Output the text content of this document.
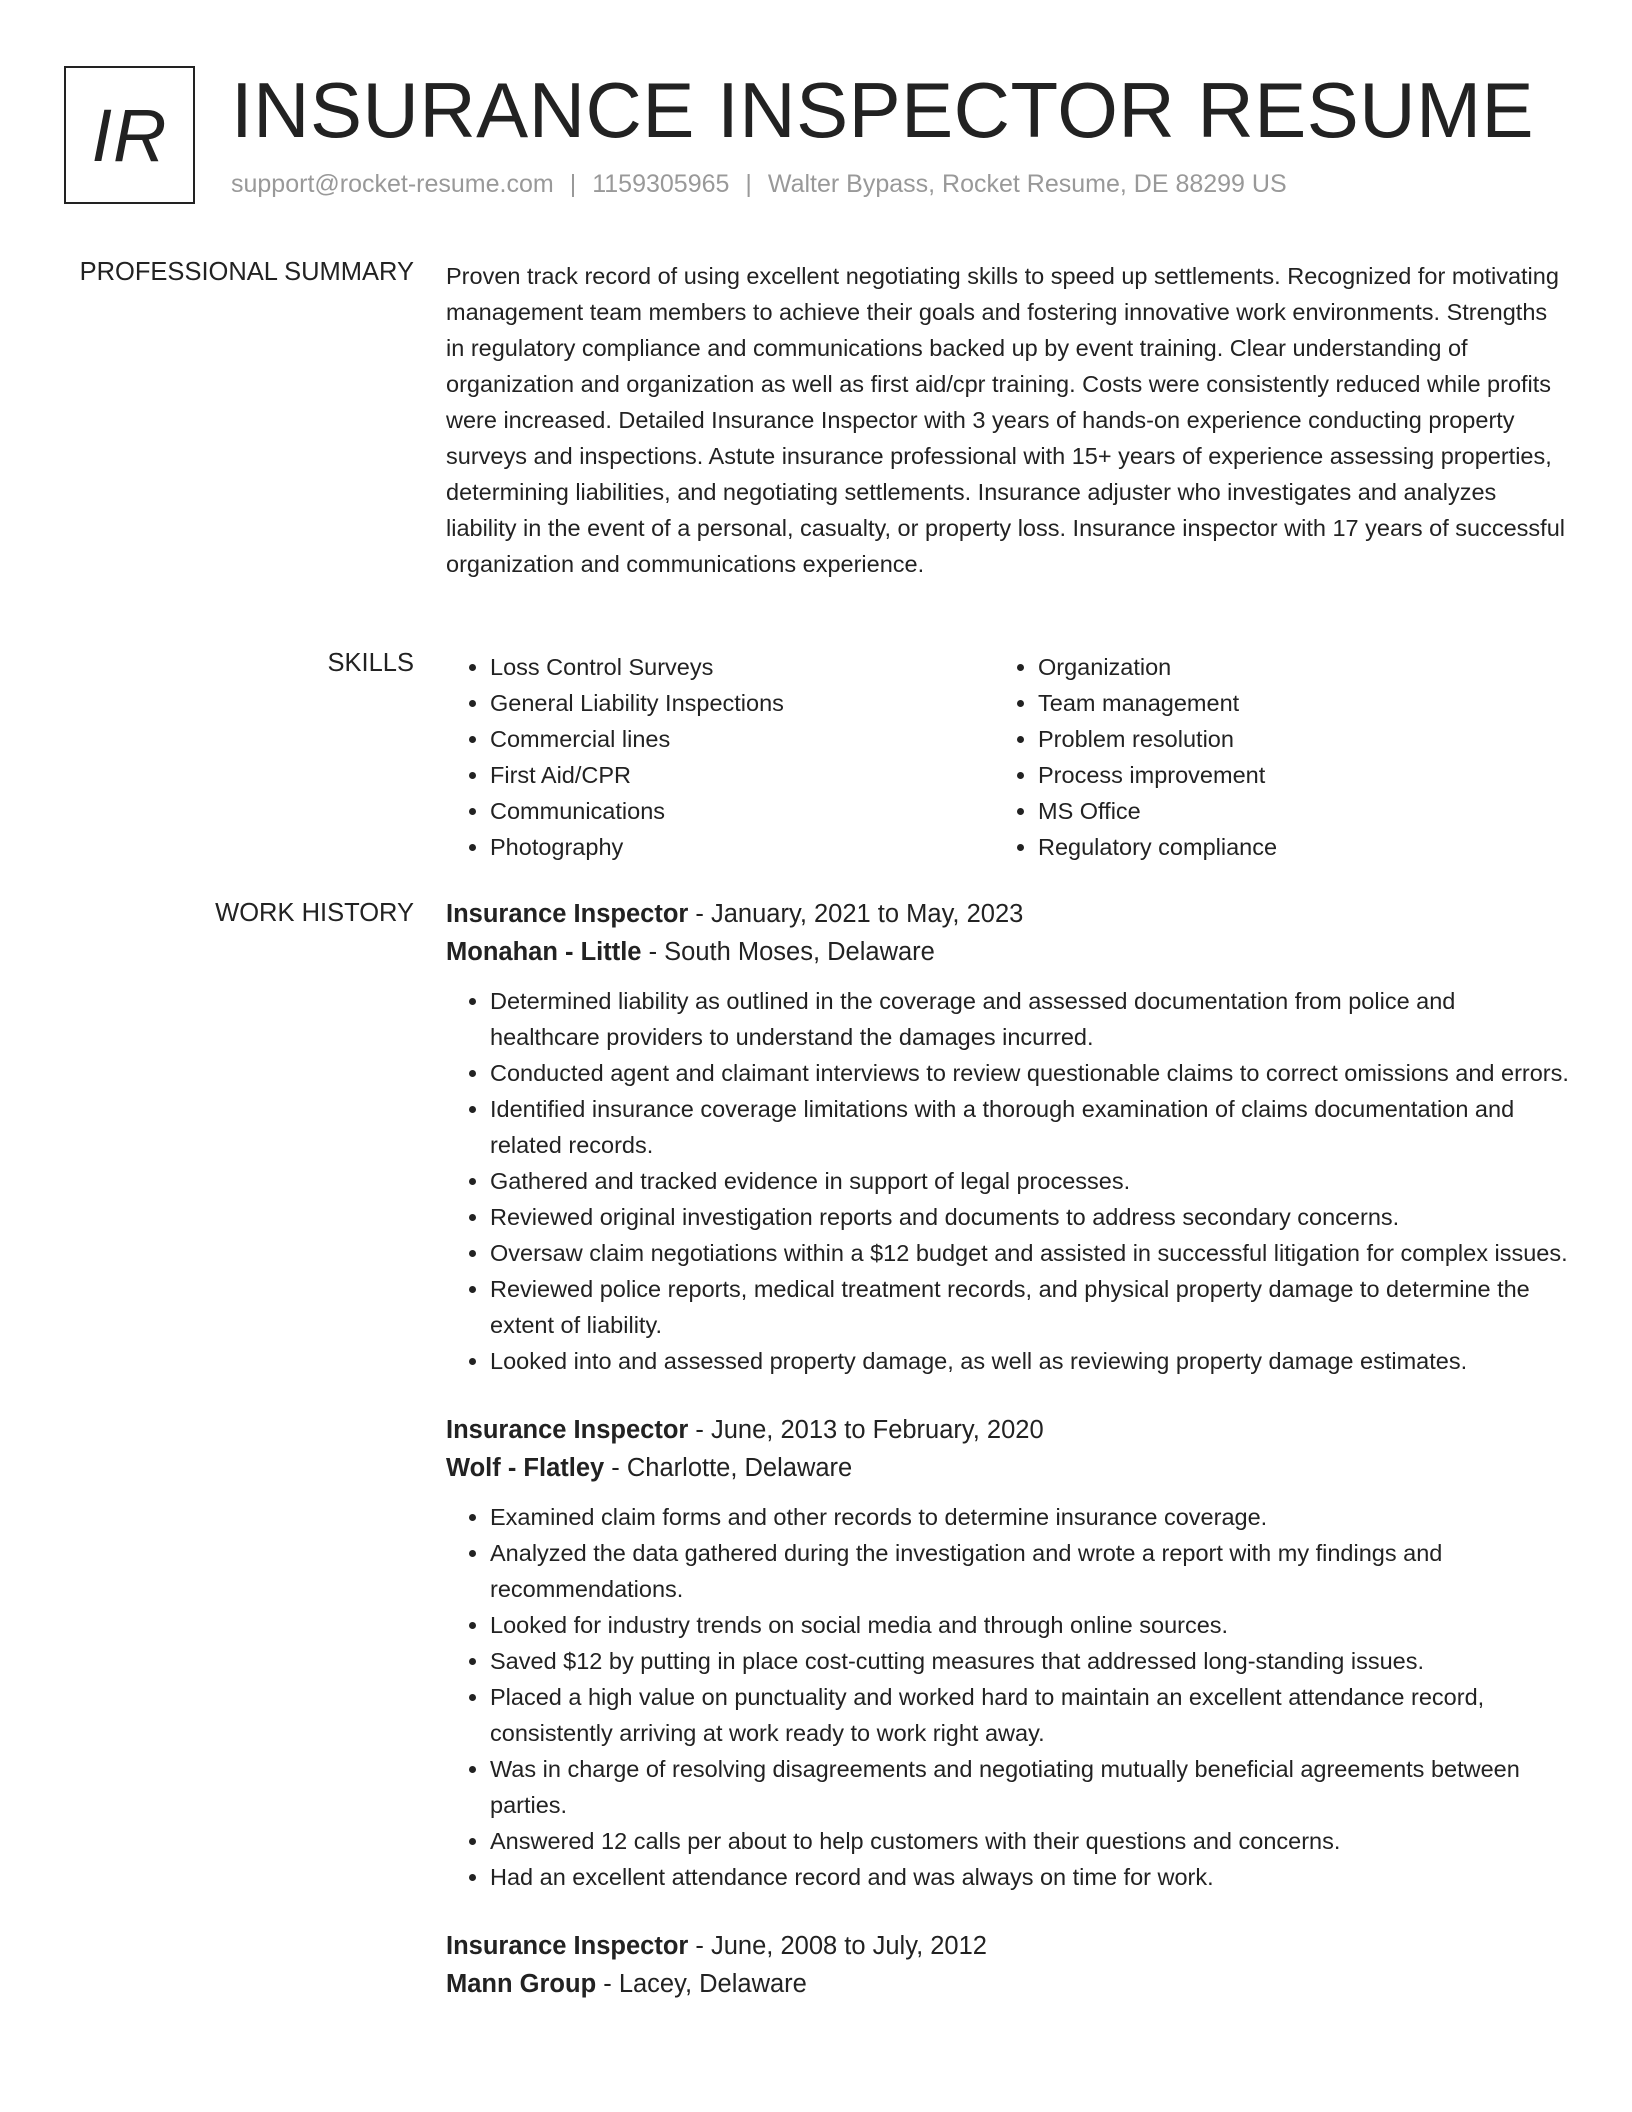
IR INSURANCE INSPECTOR RESUME
support@rocket-resume.com | 1159305965 | Walter Bypass, Rocket Resume, DE 88299 US
PROFESSIONAL SUMMARY Proven track record of using excellent negotiating skills to speed up settlements. Recognized for motivating management team members to achieve their goals and fostering innovative work environments. Strengths in regulatory compliance and communications backed up by event training. Clear understanding of organization and organization as well as first aid/cpr training. Costs were consistently reduced while profits were increased. Detailed Insurance Inspector with 3 years of hands-on experience conducting property surveys and inspections. Astute insurance professional with 15+ years of experience assessing properties, determining liabilities, and negotiating settlements. Insurance adjuster who investigates and analyzes liability in the event of a personal, casualty, or property loss. Insurance inspector with 17 years of successful organization and communications experience.

SKILLS
•	Loss Control Surveys
• General Liability Inspections
• Commercial lines
• First Aid/CPR
• Communications
• Photography
• Organization
• Team management
• Problem resolution
• Process improvement
• MS Office
• Regulatory compliance
WORK HISTORY Insurance Inspector - January, 2021 to May, 2023
Monahan - Little - South Moses, Delaware
• Determined liability as outlined in the coverage and assessed documentation from police and healthcare providers to understand the damages incurred.
• Conducted agent and claimant interviews to review questionable claims to correct omissions and errors.
• Identified insurance coverage limitations with a thorough examination of claims documentation and related records.
• Gathered and tracked evidence in support of legal processes.
• Reviewed original investigation reports and documents to address secondary concerns.
• Oversaw claim negotiations within a $12 budget and assisted in successful litigation for complex issues.
• Reviewed police reports, medical treatment records, and physical property damage to determine the extent of liability.
• Looked into and assessed property damage, as well as reviewing property damage estimates.
Insurance Inspector - June, 2013 to February, 2020
Wolf - Flatley - Charlotte, Delaware
• Examined claim forms and other records to determine insurance coverage.
• Analyzed the data gathered during the investigation and wrote a report with my findings and recommendations.
• Looked for industry trends on social media and through online sources.
• Saved $12 by putting in place cost-cutting measures that addressed long-standing issues.
• Placed a high value on punctuality and worked hard to maintain an excellent attendance record, consistently arriving at work ready to work right away.
• Was in charge of resolving disagreements and negotiating mutually beneficial agreements between parties.
• Answered 12 calls per about to help customers with their questions and concerns.
• Had an excellent attendance record and was always on time for work.
Insurance Inspector - June, 2008 to July, 2012
Mann Group - Lacey, Delaware
